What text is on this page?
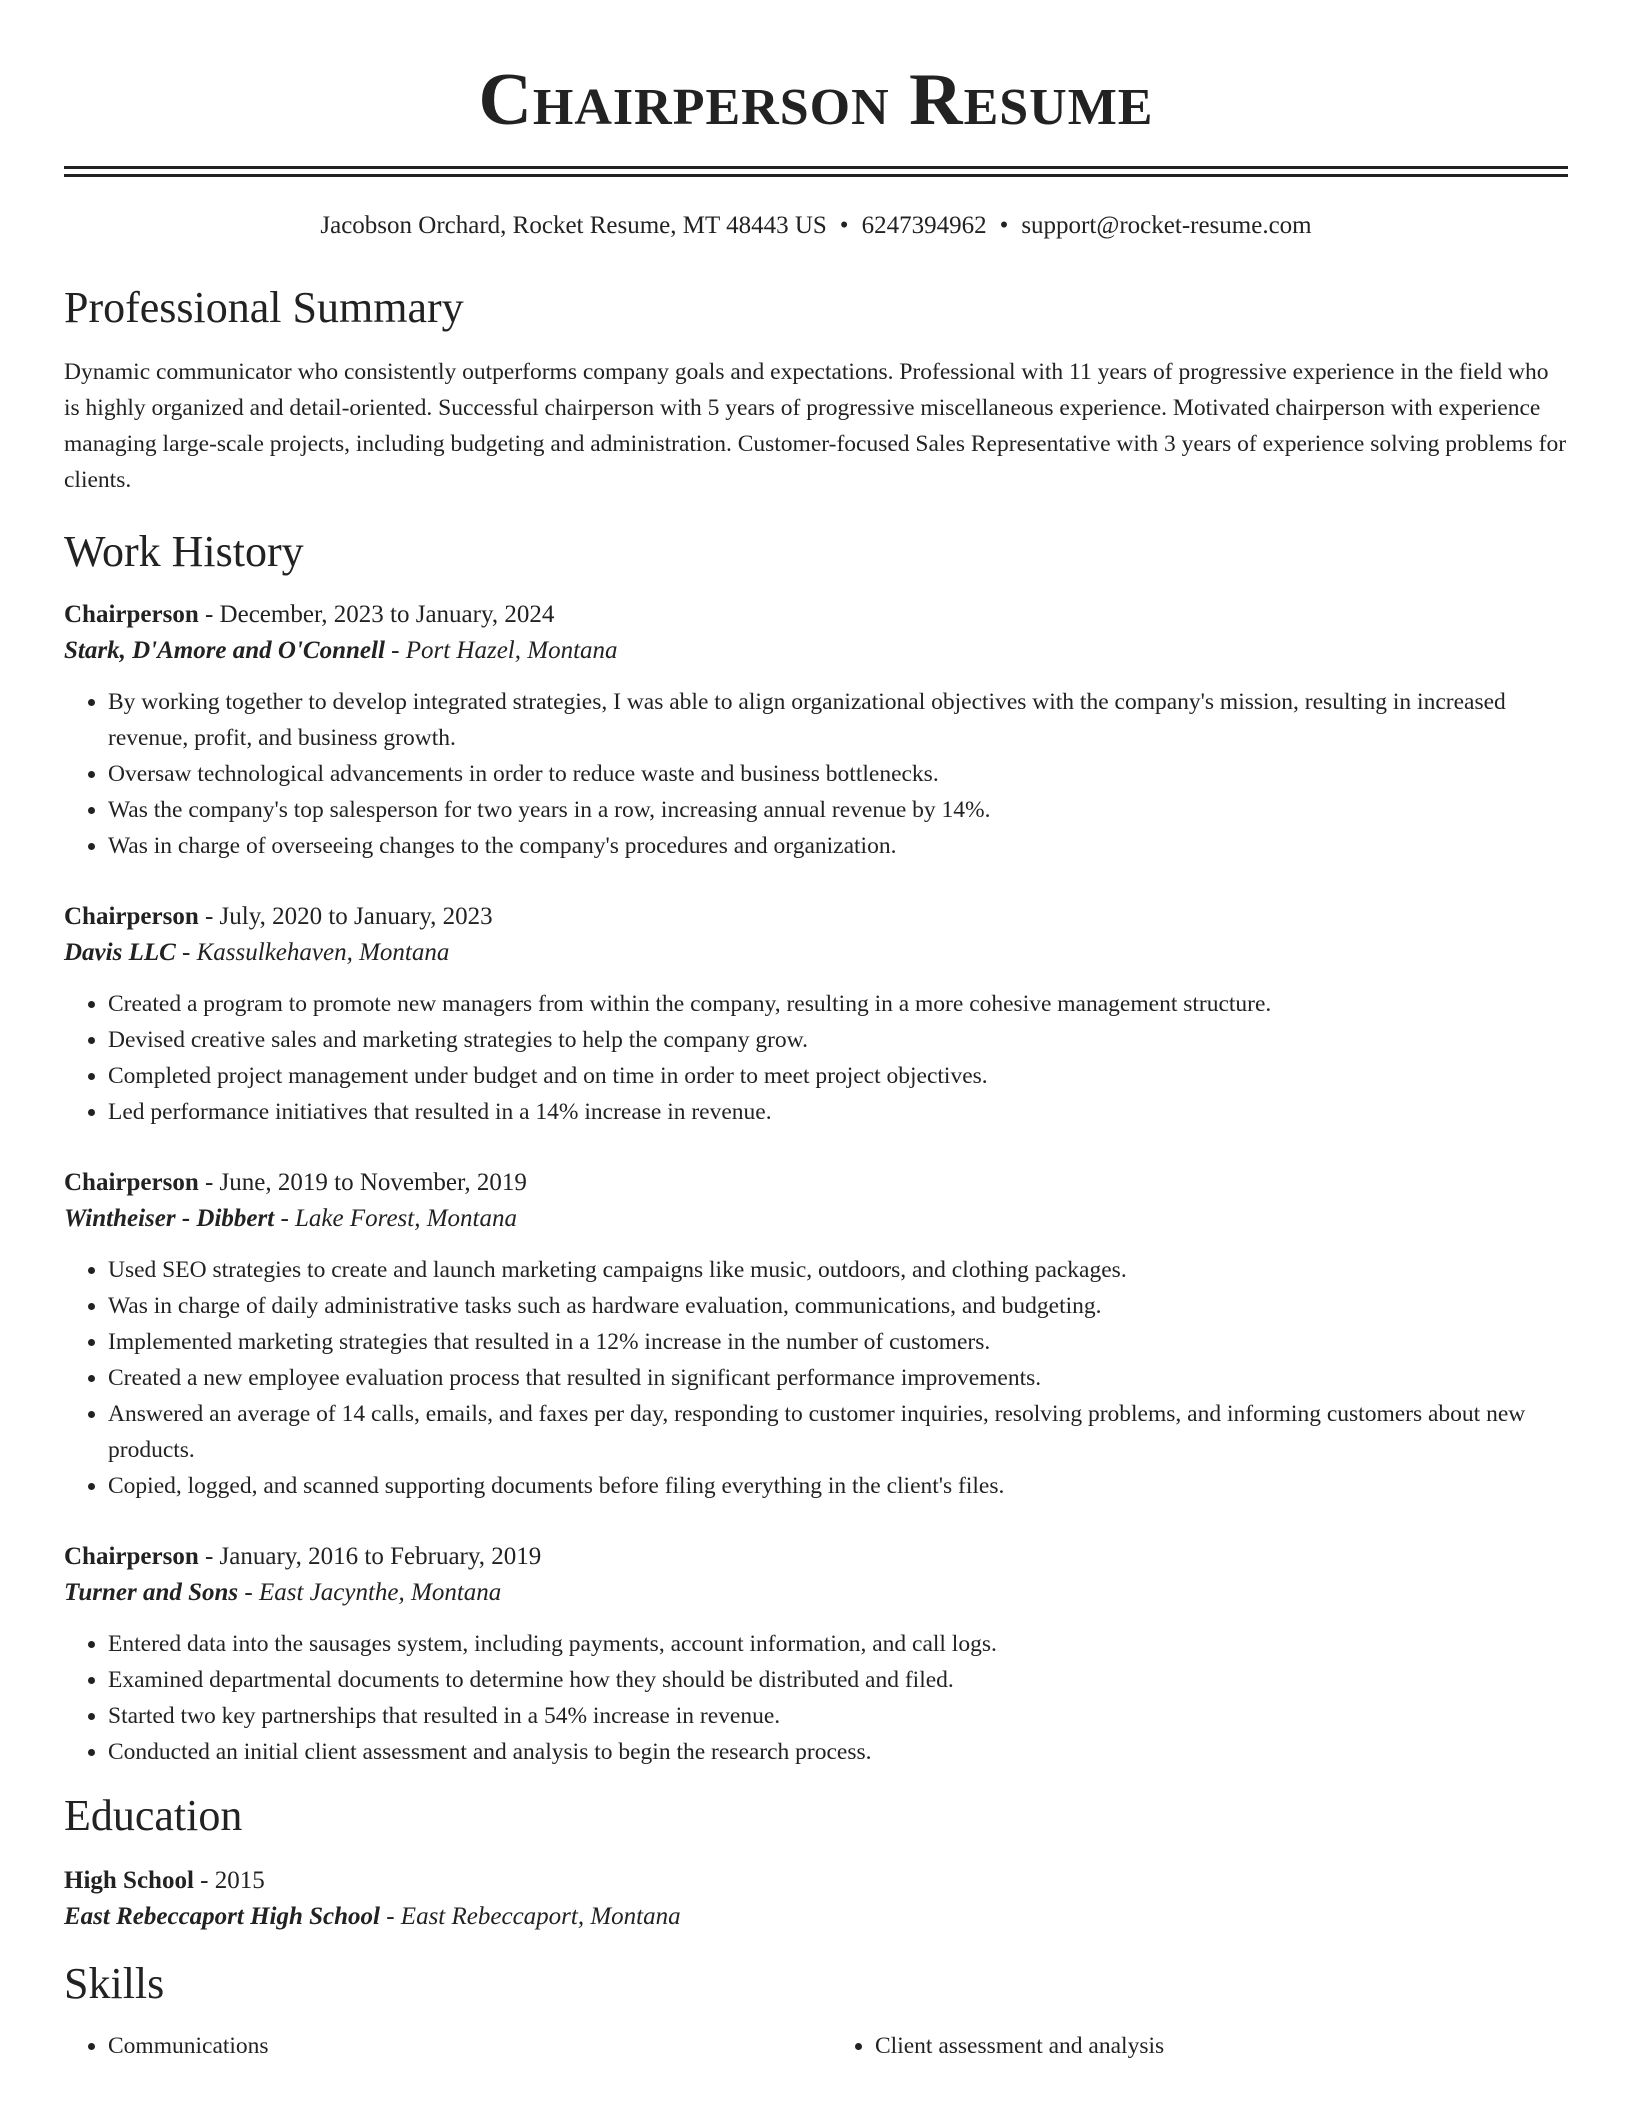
Chairperson Resume
Jacobson Orchard, Rocket Resume, MT 48443 US • 6247394962 • support@rocket-resume.com
Professional Summary

Dynamic communicator who consistently outperforms company goals and expectations. Professional with 11 years of progressive experience in the field who is highly organized and detail-oriented. Successful chairperson with 5 years of progressive miscellaneous experience. Motivated chairperson with experience managing large-scale projects, including budgeting and administration. Customer-focused Sales Representative with 3 years of experience solving problems for clients.

Work History
Chairperson - December, 2023 to January, 2024
Stark, D'Amore and O'Connell - Port Hazel, Montana
• By working together to develop integrated strategies, I was able to align organizational objectives with the company's mission, resulting in increased revenue, profit, and business growth.
• Oversaw technological advancements in order to reduce waste and business bottlenecks.
• Was the company's top salesperson for two years in a row, increasing annual revenue by 14%.
• Was in charge of overseeing changes to the company's procedures and organization.
Chairperson - July, 2020 to January, 2023
Davis LLC - Kassulkehaven, Montana
• Created a program to promote new managers from within the company, resulting in a more cohesive management structure.
• Devised creative sales and marketing strategies to help the company grow.
• Completed project management under budget and on time in order to meet project objectives.
• Led performance initiatives that resulted in a 14% increase in revenue.
Chairperson - June, 2019 to November, 2019
Wintheiser - Dibbert - Lake Forest, Montana
• Used SEO strategies to create and launch marketing campaigns like music, outdoors, and clothing packages.
• Was in charge of daily administrative tasks such as hardware evaluation, communications, and budgeting.
• Implemented marketing strategies that resulted in a 12% increase in the number of customers.
• Created a new employee evaluation process that resulted in significant performance improvements.
• Answered an average of 14 calls, emails, and faxes per day, responding to customer inquiries, resolving problems, and informing customers about new products.
• Copied, logged, and scanned supporting documents before filing everything in the client's files.
Chairperson - January, 2016 to February, 2019
Turner and Sons - East Jacynthe, Montana
• Entered data into the sausages system, including payments, account information, and call logs.
• Examined departmental documents to determine how they should be distributed and filed.
• Started two key partnerships that resulted in a 54% increase in revenue.
• Conducted an initial client assessment and analysis to begin the research process.
Education
High School - 2015
East Rebeccaport High School - East Rebeccaport, Montana
Skills
• Communications
•	Client assessment and analysis
